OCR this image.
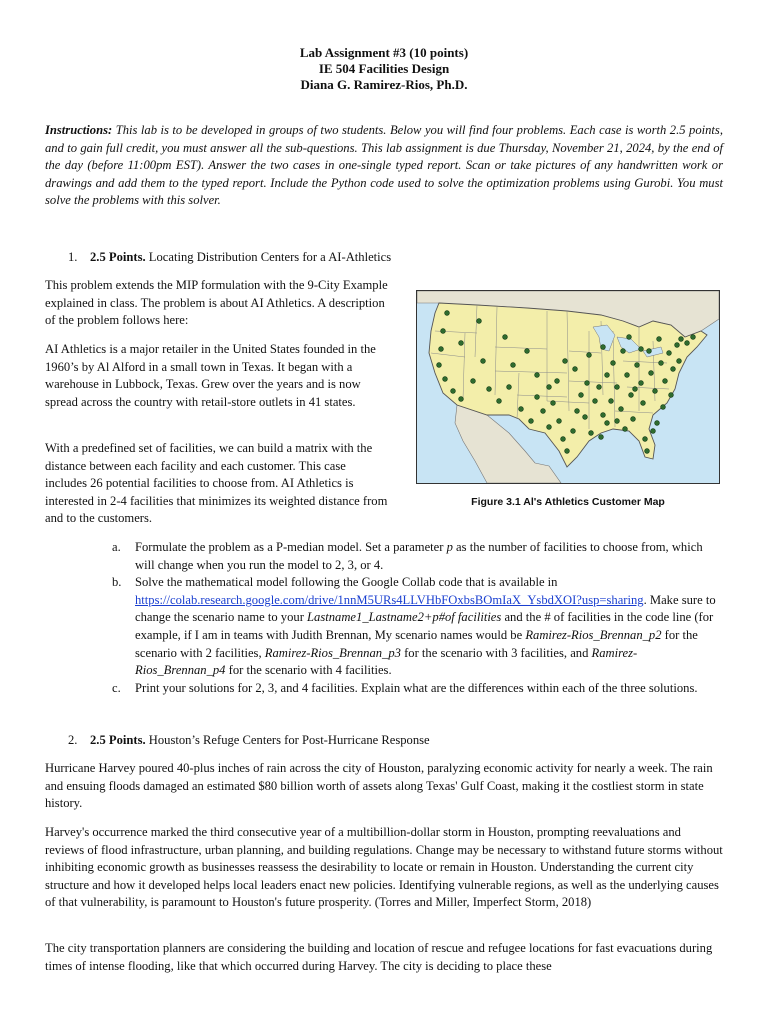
Lab Assignment #3 (10 points)
IE 504 Facilities Design
Diana G. Ramirez-Rios, Ph.D.
Instructions: This lab is to be developed in groups of two students. Below you will find four problems. Each case is worth 2.5 points, and to gain full credit, you must answer all the sub-questions. This lab assignment is due Thursday, November 21, 2024, by the end of the day (before 11:00pm EST). Answer the two cases in one-single typed report. Scan or take pictures of any handwritten work or drawings and add them to the typed report. Include the Python code used to solve the optimization problems using Gurobi. You must solve the problems with this solver.
1. 2.5 Points. Locating Distribution Centers for a AI-Athletics

This problem extends the MIP formulation with the 9-City Example explained in class. The problem is about AI Athletics. A description of the problem follows here:

AI Athletics is a major retailer in the United States founded in the 1960’s by Al Alford in a small town in Texas. It began with a warehouse in Lubbock, Texas. Grew over the years and is now spread across the country with retail-store outlets in 41 states.

With a predefined set of facilities, we can build a matrix with the distance between each facility and each customer. This case includes 26 potential facilities to choose from. AI Athletics is interested in 2-4 facilities that minimizes its weighted distance from and to the customers.

Figure 3.1 Al's Athletics Customer Map
a. Formulate the problem as a P-median model. Set a parameter p as the number of facilities to choose from, which will change when you run the model to 2, 3, or 4.
b. Solve the mathematical model following the Google Collab code that is available in https://colab.research.google.com/drive/1nnM5URs4LLVHbFOxbsBOmIaX_YsbdXOI?usp=sharing. Make sure to change the scenario name to your Lastname1_Lastname2+p#of facilities and the # of facilities in the code line (for example, if I am in teams with Judith Brennan, My scenario names would be Ramirez-Rios_Brennan_p2 for the scenario with 2 facilities, Ramirez-Rios_Brennan_p3 for the scenario with 3 facilities, and Ramirez-Rios_Brennan_p4 for the scenario with 4 facilities.
c. Print your solutions for 2, 3, and 4 facilities. Explain what are the differences within each of the three solutions.
2. 2.5 Points. Houston’s Refuge Centers for Post-Hurricane Response

Hurricane Harvey poured 40-plus inches of rain across the city of Houston, paralyzing economic activity for nearly a week. The rain and ensuing floods damaged an estimated $80 billion worth of assets along Texas' Gulf Coast, making it the costliest storm in state history.

Harvey's occurrence marked the third consecutive year of a multibillion-dollar storm in Houston, prompting reevaluations and reviews of flood infrastructure, urban planning, and building regulations. Change may be necessary to withstand future storms without inhibiting economic growth as businesses reassess the desirability to locate or remain in Houston. Understanding the current city structure and how it developed helps local leaders enact new policies. Identifying vulnerable regions, as well as the underlying causes of that vulnerability, is paramount to Houston's future prosperity. (Torres and Miller, Imperfect Storm, 2018)

The city transportation planners are considering the building and location of rescue and refugee locations for fast evacuations during times of intense flooding, like that which occurred during Harvey. The city is deciding to place these
